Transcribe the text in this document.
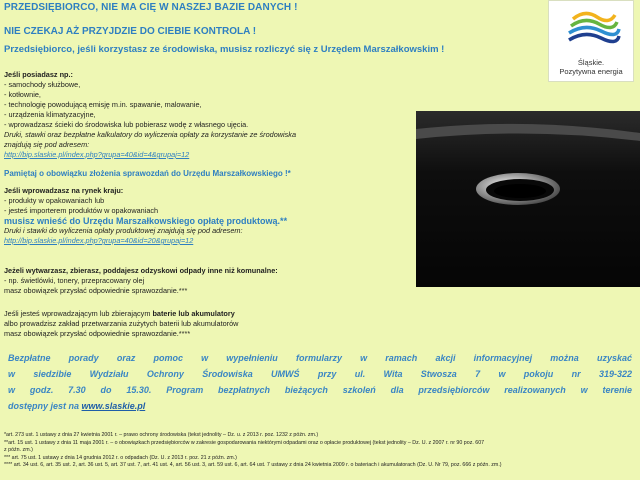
PRZEDSIĘBIORCO, NIE MA CIĘ W NASZEJ BAZIE DANYCH !
NIE CZEKAJ AŻ PRZYJDZIE DO CIEBIE KONTROLA !
Przedsiębiorco, jeśli korzystasz ze środowiska, musisz rozliczyć się z Urzędem Marszałkowskim !
Śląskie.
Pozytywna energia
Jeśli posiadasz np.:
- samochody służbowe,
- kotłownie,
- technologię powodującą emisję m.in. spawanie, malowanie,
- urządzenia klimatyzacyjne,
- wprowadzasz ścieki do środowiska lub pobierasz wodę z własnego ujęcia.
Druki, stawki oraz bezpłatne kalkulatory do wyliczenia opłaty za korzystanie ze środowiska
znajdują się pod adresem:
http://bip.slaskie.pl/index.php?grupa=40&id=4&grupaj=12
Pamiętaj o obowiązku złożenia sprawozdań do Urzędu Marszałkowskiego !*
Jeśli wprowadzasz na rynek kraju:
- produkty w opakowaniach lub
- jesteś importerem produktów w opakowaniach
musisz wnieść do Urzędu Marszałkowskiego opłatę produktową.**
Druki i stawki do wyliczenia opłaty produktowej znajdują się pod adresem:
http://bip.slaskie.pl/index.php?grupa=40&id=20&grupaj=12
Jeżeli wytwarzasz, zbierasz, poddajesz odzyskowi odpady inne niż komunalne:
- np. świetlówki, tonery, przepracowany olej
masz obowiązek przysłać odpowiednie sprawozdanie.***
Jeśli jesteś wprowadzającym lub zbierającym baterie lub akumulatory
albo prowadzisz zakład przetwarzania zużytych baterii lub akumulatorów
masz obowiązek przysłać odpowiednie sprawozdanie.****
Bezpłatne porady oraz pomoc w wypełnieniu formularzy w ramach akcji informacyjnej można uzyskać
w siedzibie Wydziału Ochrony Środowiska UMWŚ przy ul. Wita Stwosza 7 w pokoju nr 319-322
w godz. 7.30 do 15.30. Program bezpłatnych bieżących szkoleń dla przedsiębiorców realizowanych w terenie
dostępny jest na www.slaskie.pl
*art. 273 ust. 1 ustawy z dnia 27 kwietnia 2001 r. – prawo ochrony środowiska (tekst jednolity – Dz. u. z 2013 r. poz. 1232 z późn. zm.)
**art. 15 ust. 1 ustawy z dnia 11 maja 2001 r. – o obowiązkach przedsiębiorców w zakresie gospodarowania niektórymi odpadami oraz o opłacie produktowej (tekst jednolity – Dz. U. z 2007 r. nr 90 poz. 607
z późn. zm.)
*** art. 75 ust. 1 ustawy z dnia 14 grudnia 2012 r. o odpadach (Dz. U. z 2013 r. poz. 21 z późn. zm.)
**** art. 34 ust. 6, art. 35 ust. 2, art. 36 ust. 5, art. 37 ust. 7, art. 41 ust. 4, art. 56 ust. 3, art. 59 ust. 6, art. 64 ust. 7 ustawy z dnia 24 kwietnia 2009 r. o bateriach i akumulatorach (Dz. U. Nr 79, poz. 666 z późn. zm.)
